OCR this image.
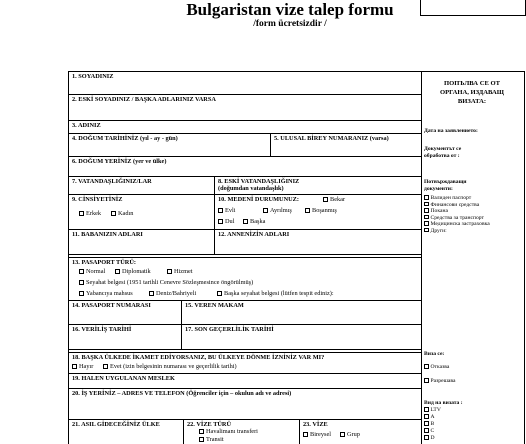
Bulgaristan vize talep formu
/form ücretsizdir /
1. SOYADINIZ
2. ESKİ SOYADINIZ / BAŞKA ADLARINIZ VARSA
3. ADINIZ
4. DOĞUM TARİHİNİZ (yıl - ay - gün)	5. ULUSAL BİREY NUMARANIZ (varsa)
6. DOĞUM YERİNİZ (yer ve ülke)
7. VATANDAŞLIĞINIZ/LAR	8. ESKİ VATANDAŞLIĞINIZ
(doğumdan vatandaşlık)
9. CİNSİYETİNİZ
Erkek	Kadın
10. MEDENİ DURUMUNUZ:	Bekar
Evli	Ayrılmış	Boşanmış
Dul	Başka
11. BABANIZIN ADLARI	12. ANNENİZİN ADLARI
13. PASAPORT TÜRÜ:
Normal	Diplomatik	Hizmet
Seyahat belgesi (1951 tarihli Cenevre Sözleşmesince öngörülmüş)
Yabancıya mahsus	Deniz/Bahriyeli	Başka seyahat belgesi (lütfen tespit ediniz):
14. PASAPORT NUMARASI	15. VEREN MAKAM
16. VERİLİŞ TARİHİ	17. SON GEÇERLİLİK TARİHİ
18. BAŞKA ÜLKEDE İKAMET EDİYORSANIZ, BU ÜLKEYE DÖNME İZNİNİZ VAR MI?
Hayır	Evet (izin belgesinin numarası ve geçerlilik tarihi)
19. HALEN UYGULANAN MESLEK
20. İŞ YERİNİZ – ADRES VE TELEFON (Öğrenciler için – okulun adı ve adresi)
21. ASIL GİDECEĞİNİZ ÜLKE	22. VİZE TÜRÜ
Havalimanı transferi
Transit
23. VİZE
Bireysel	Grup
ПОПЪЛВА СЕ ОТ
ОРГАНА, ИЗДАВАЩ
ВИЗАТА:
Дата на заявлението:
Документът се
обработва от :
Потвърждаващи
документи:
Валиден паспорт
Финансови средства
Покана
Средства за транспорт
Медицинска застраховка
Други:
Виза се:
Отказва
Разрешава
Вид на визата :
LTV
A
B
C
D
